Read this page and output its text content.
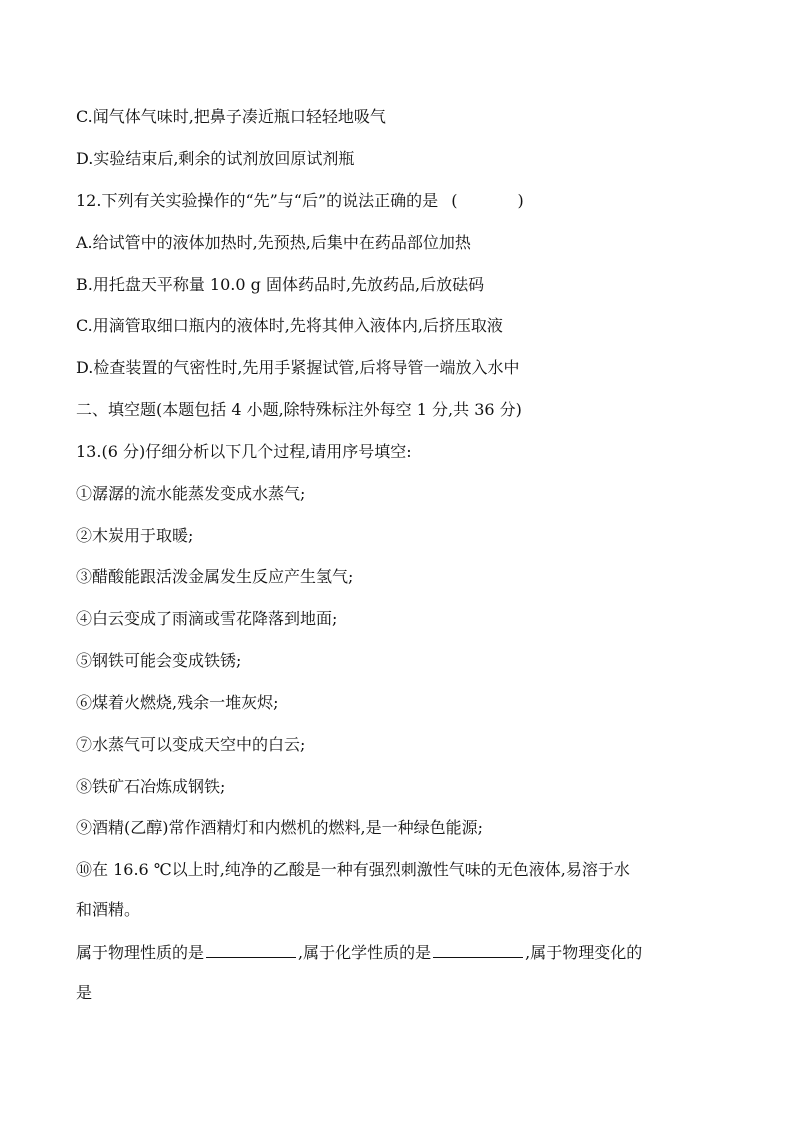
C.闻气体气味时,把鼻子凑近瓶口轻轻地吸气
D.实验结束后,剩余的试剂放回原试剂瓶
12.下列有关实验操作的“先”与“后”的说法正确的是 (	)
A.给试管中的液体加热时,先预热,后集中在药品部位加热
B.用托盘天平称量 10.0 g 固体药品时,先放药品,后放砝码
C.用滴管取细口瓶内的液体时,先将其伸入液体内,后挤压取液
D.检查装置的气密性时,先用手紧握试管,后将导管一端放入水中
二、填空题(本题包括 4 小题,除特殊标注外每空 1 分,共 36 分)
13.(6 分)仔细分析以下几个过程,请用序号填空:
①潺潺的流水能蒸发变成水蒸气;
②木炭用于取暖;
③醋酸能跟活泼金属发生反应产生氢气;
④白云变成了雨滴或雪花降落到地面;
⑤钢铁可能会变成铁锈;
⑥煤着火燃烧,残余一堆灰烬;
⑦水蒸气可以变成天空中的白云;
⑧铁矿石冶炼成钢铁;
⑨酒精(乙醇)常作酒精灯和内燃机的燃料,是一种绿色能源;
⑩在 16.6 ℃以上时,纯净的乙酸是一种有强烈刺激性气味的无色液体,易溶于水
和酒精。
属于物理性质的是	,属于化学性质的是	,属于物理变化的
是
